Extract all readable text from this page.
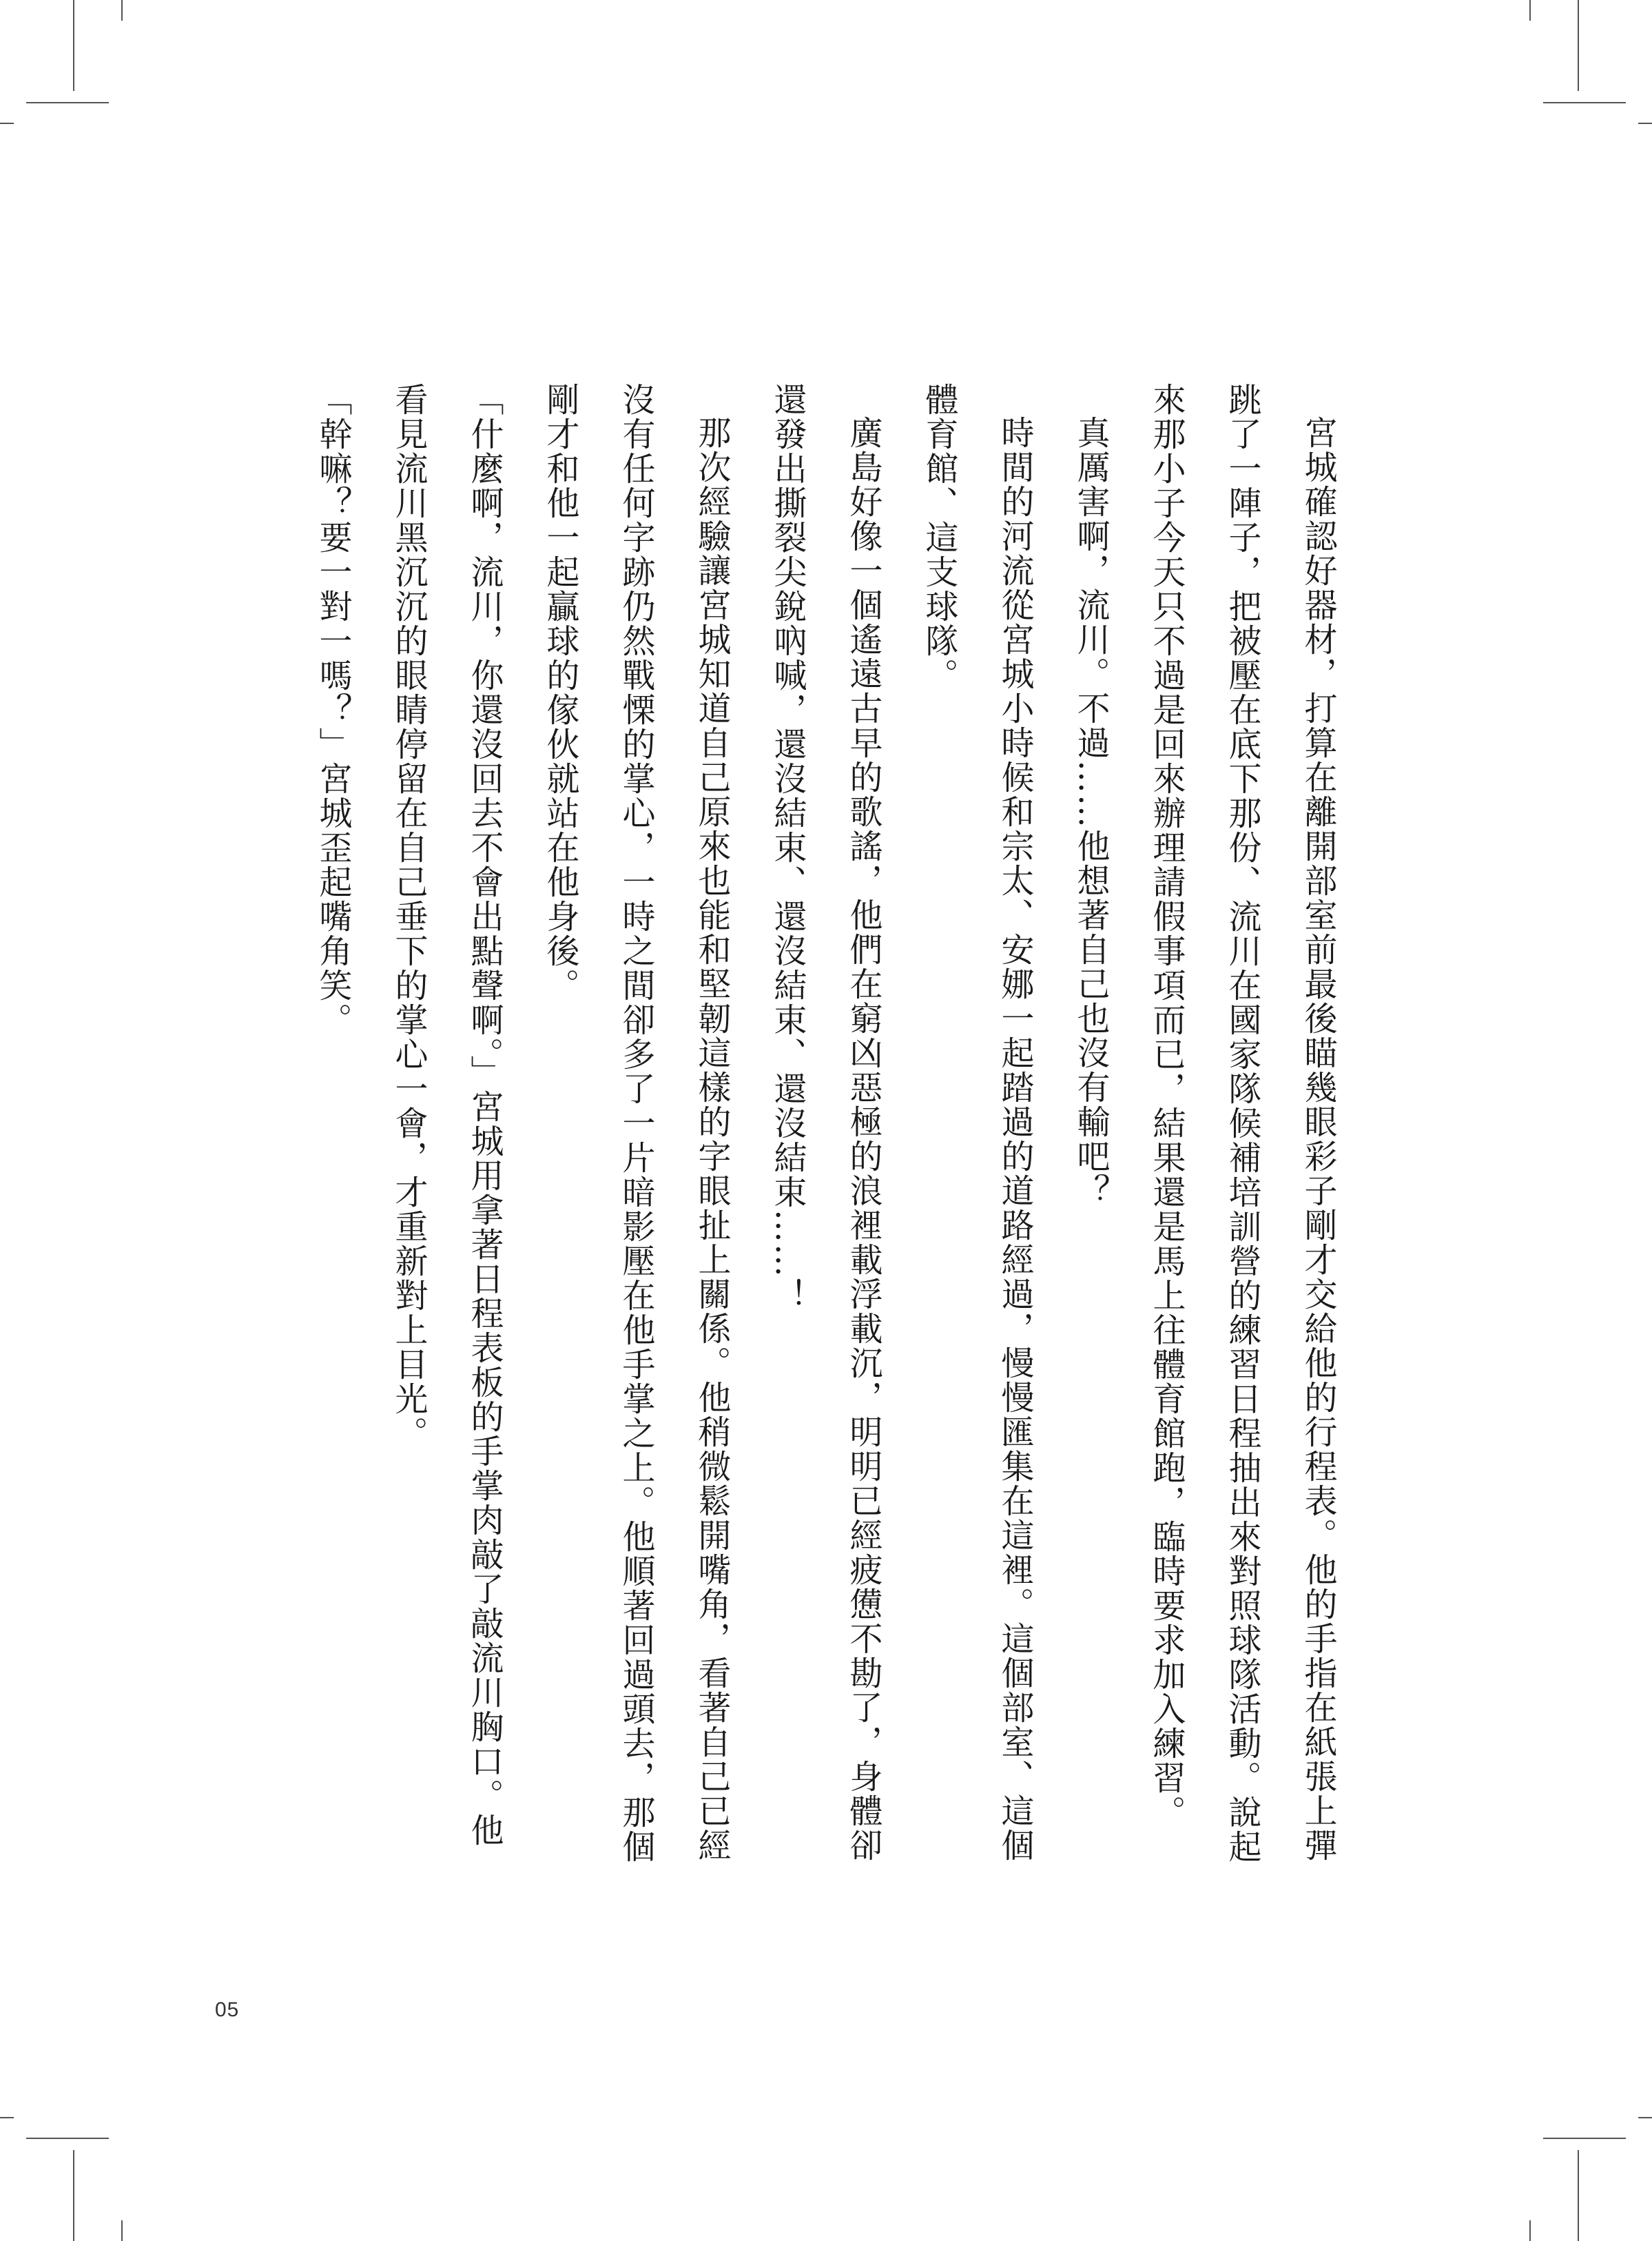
宮城確認好器材，打算在離開部室前最後瞄幾眼彩子剛才交給他的行程表。他的手指在紙張上彈跳了一陣子，把被壓在底下那份、流川在國家隊候補培訓營的練習日程抽出來對照球隊活動。說起來那小子今天只不過是回來辦理請假事項而已，結果還是馬上往體育館跑，臨時要求加入練習。

真厲害啊，流川。不過……他想著自己也沒有輸吧？

時間的河流從宮城小時候和宗太、安娜一起踏過的道路經過，慢慢匯集在這裡。這個部室、這個體育館、這支球隊。

廣島好像一個遙遠古早的歌謠，他們在窮凶惡極的浪裡載浮載沉，明明已經疲憊不勘了，身體卻還發出撕裂尖銳吶喊，還沒結束、還沒結束、還沒結束……！

那次經驗讓宮城知道自己原來也能和堅韌這樣的字眼扯上關係。他稍微鬆開嘴角，看著自己已經沒有任何字跡仍然戰慄的掌心，一時之間卻多了一片暗影壓在他手掌之上。他順著回過頭去，那個剛才和他一起贏球的傢伙就站在他身後。

「什麼啊，流川，你還沒回去不會出點聲啊。」宮城用拿著日程表板的手掌肉敲了敲流川胸口。他看見流川黑沉沉的眼睛停留在自己垂下的掌心一會，才重新對上目光。

「幹嘛？要一對一嗎？」宮城歪起嘴角笑。

05
